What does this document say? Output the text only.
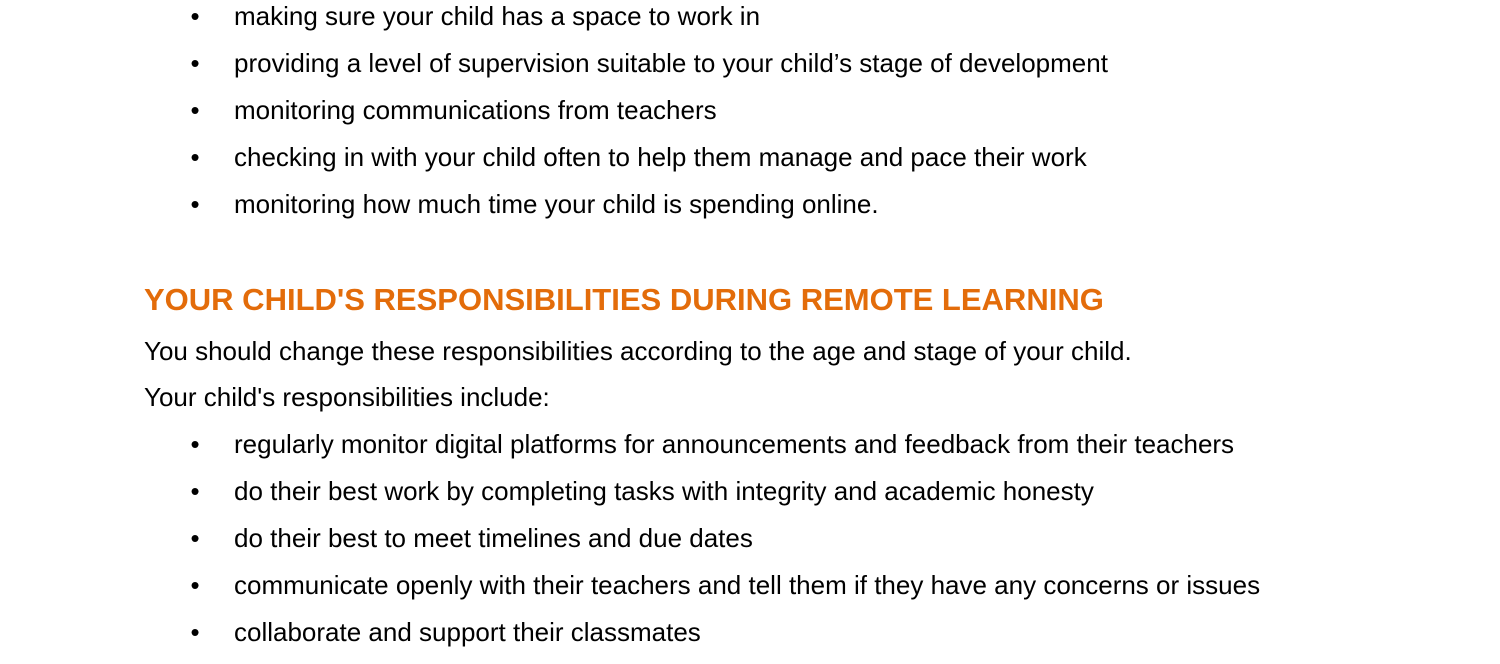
• making sure your child has a space to work in
• providing a level of supervision suitable to your child’s stage of development
• monitoring communications from teachers
• checking in with your child often to help them manage and pace their work
• monitoring how much time your child is spending online.
YOUR CHILD'S RESPONSIBILITIES DURING REMOTE LEARNING

You should change these responsibilities according to the age and stage of your child.

Your child's responsibilities include:

• regularly monitor digital platforms for announcements and feedback from their teachers
• do their best work by completing tasks with integrity and academic honesty
• do their best to meet timelines and due dates
• communicate openly with their teachers and tell them if they have any concerns or issues
• collaborate and support their classmates
